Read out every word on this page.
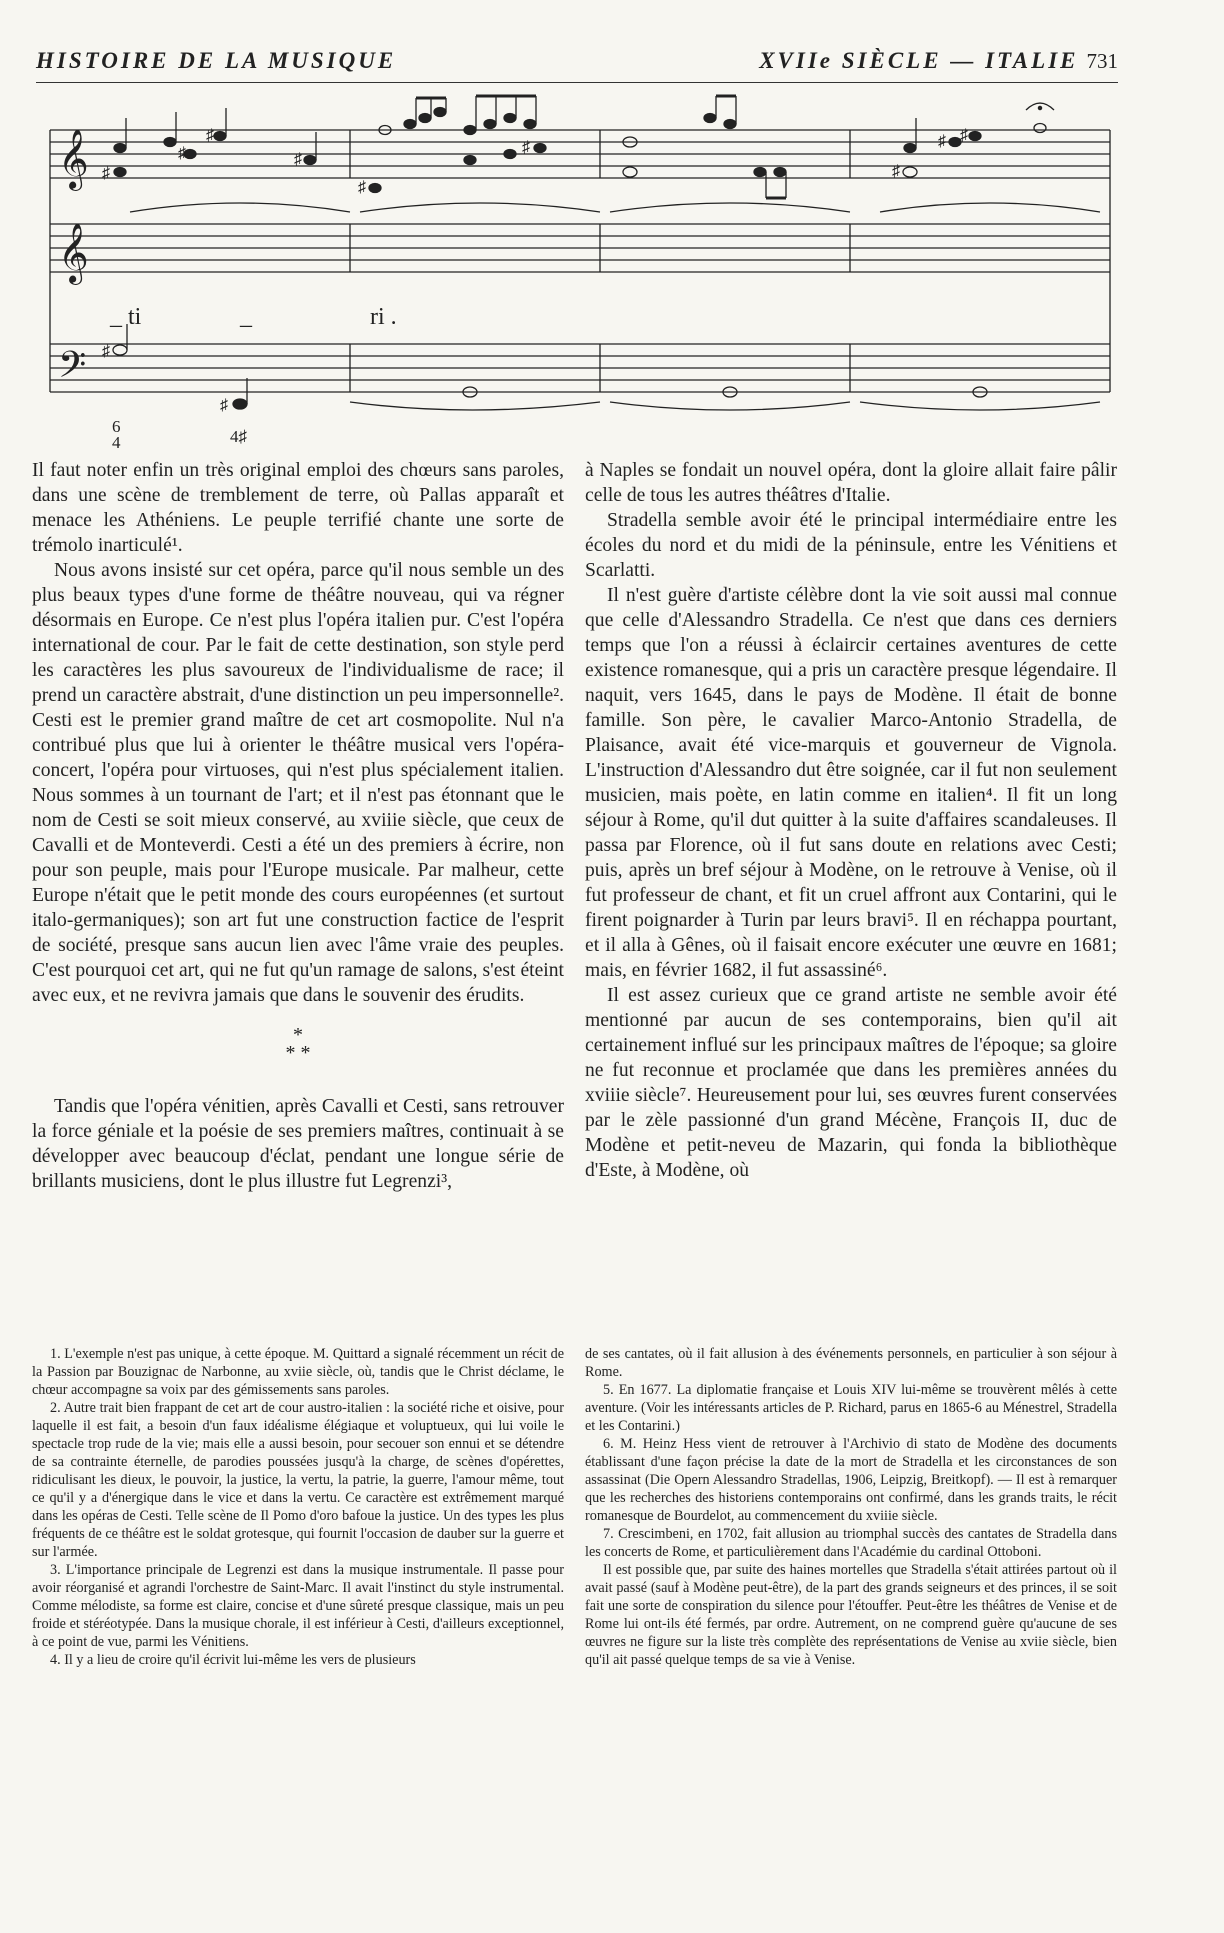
HISTOIRE DE LA MUSIQUE	XVIIe SIÈCLE — ITALIE 731
𝄞
𝄞
𝄢
♯
♯
♯
♯
♯
♯	♯ ♯
♯
♯
♯
_ ti	_	ri .
6
4	4♯

Il faut noter enfin un très original emploi des chœurs sans paroles, dans une scène de tremblement de terre, où Pallas apparaît et menace les Athéniens. Le peuple terrifié chante une sorte de trémolo inarticulé¹.

Nous avons insisté sur cet opéra, parce qu'il nous semble un des plus beaux types d'une forme de théâtre nouveau, qui va régner désormais en Europe. Ce n'est plus l'opéra italien pur. C'est l'opéra international de cour. Par le fait de cette destination, son style perd les caractères les plus savoureux de l'individualisme de race; il prend un caractère abstrait, d'une distinction un peu impersonnelle². Cesti est le premier grand maître de cet art cosmopolite. Nul n'a contribué plus que lui à orienter le théâtre musical vers l'opéra-concert, l'opéra pour virtuoses, qui n'est plus spécialement italien. Nous sommes à un tournant de l'art; et il n'est pas étonnant que le nom de Cesti se soit mieux conservé, au xviiie siècle, que ceux de Cavalli et de Monteverdi. Cesti a été un des premiers à écrire, non pour son peuple, mais pour l'Europe musicale. Par malheur, cette Europe n'était que le petit monde des cours européennes (et surtout italo-germaniques); son art fut une construction factice de l'esprit de société, presque sans aucun lien avec l'âme vraie des peuples. C'est pourquoi cet art, qui ne fut qu'un ramage de salons, s'est éteint avec eux, et ne revivra jamais que dans le souvenir des érudits.

*
* *

Tandis que l'opéra vénitien, après Cavalli et Cesti, sans retrouver la force géniale et la poésie de ses premiers maîtres, continuait à se développer avec beaucoup d'éclat, pendant une longue série de brillants musiciens, dont le plus illustre fut Legrenzi³,

à Naples se fondait un nouvel opéra, dont la gloire allait faire pâlir celle de tous les autres théâtres d'Italie.

Stradella semble avoir été le principal intermédiaire entre les écoles du nord et du midi de la péninsule, entre les Vénitiens et Scarlatti.

Il n'est guère d'artiste célèbre dont la vie soit aussi mal connue que celle d'Alessandro Stradella. Ce n'est que dans ces derniers temps que l'on a réussi à éclaircir certaines aventures de cette existence romanesque, qui a pris un caractère presque légendaire. Il naquit, vers 1645, dans le pays de Modène. Il était de bonne famille. Son père, le cavalier Marco-Antonio Stradella, de Plaisance, avait été vice-marquis et gouverneur de Vignola. L'instruction d'Alessandro dut être soignée, car il fut non seulement musicien, mais poète, en latin comme en italien⁴. Il fit un long séjour à Rome, qu'il dut quitter à la suite d'affaires scandaleuses. Il passa par Florence, où il fut sans doute en relations avec Cesti; puis, après un bref séjour à Modène, on le retrouve à Venise, où il fut professeur de chant, et fit un cruel affront aux Contarini, qui le firent poignarder à Turin par leurs bravi⁵. Il en réchappa pourtant, et il alla à Gênes, où il faisait encore exécuter une œuvre en 1681; mais, en février 1682, il fut assassiné⁶.

Il est assez curieux que ce grand artiste ne semble avoir été mentionné par aucun de ses contemporains, bien qu'il ait certainement influé sur les principaux maîtres de l'époque; sa gloire ne fut reconnue et proclamée que dans les premières années du xviiie siècle⁷. Heureusement pour lui, ses œuvres furent conservées par le zèle passionné d'un grand Mécène, François II, duc de Modène et petit-neveu de Mazarin, qui fonda la bibliothèque d'Este, à Modène, où

1. L'exemple n'est pas unique, à cette époque. M. Quittard a signalé récemment un récit de la Passion par Bouzignac de Narbonne, au xviie siècle, où, tandis que le Christ déclame, le chœur accompagne sa voix par des gémissements sans paroles.

2. Autre trait bien frappant de cet art de cour austro-italien : la société riche et oisive, pour laquelle il est fait, a besoin d'un faux idéalisme élégiaque et voluptueux, qui lui voile le spectacle trop rude de la vie; mais elle a aussi besoin, pour secouer son ennui et se détendre de sa contrainte éternelle, de parodies poussées jusqu'à la charge, de scènes d'opérettes, ridiculisant les dieux, le pouvoir, la justice, la vertu, la patrie, la guerre, l'amour même, tout ce qu'il y a d'énergique dans le vice et dans la vertu. Ce caractère est extrêmement marqué dans les opéras de Cesti. Telle scène de Il Pomo d'oro bafoue la justice. Un des types les plus fréquents de ce théâtre est le soldat grotesque, qui fournit l'occasion de dauber sur la guerre et sur l'armée.

3. L'importance principale de Legrenzi est dans la musique instrumentale. Il passe pour avoir réorganisé et agrandi l'orchestre de Saint-Marc. Il avait l'instinct du style instrumental. Comme mélodiste, sa forme est claire, concise et d'une sûreté presque classique, mais un peu froide et stéréotypée. Dans la musique chorale, il est inférieur à Cesti, d'ailleurs exceptionnel, à ce point de vue, parmi les Vénitiens.

4. Il y a lieu de croire qu'il écrivit lui-même les vers de plusieurs

de ses cantates, où il fait allusion à des événements personnels, en particulier à son séjour à Rome.

5. En 1677. La diplomatie française et Louis XIV lui-même se trouvèrent mêlés à cette aventure. (Voir les intéressants articles de P. Richard, parus en 1865-6 au Ménestrel, Stradella et les Contarini.)

6. M. Heinz Hess vient de retrouver à l'Archivio di stato de Modène des documents établissant d'une façon précise la date de la mort de Stradella et les circonstances de son assassinat (Die Opern Alessandro Stradellas, 1906, Leipzig, Breitkopf). — Il est à remarquer que les recherches des historiens contemporains ont confirmé, dans les grands traits, le récit romanesque de Bourdelot, au commencement du xviiie siècle.

7. Crescimbeni, en 1702, fait allusion au triomphal succès des cantates de Stradella dans les concerts de Rome, et particulièrement dans l'Académie du cardinal Ottoboni.

Il est possible que, par suite des haines mortelles que Stradella s'était attirées partout où il avait passé (sauf à Modène peut-être), de la part des grands seigneurs et des princes, il se soit fait une sorte de conspiration du silence pour l'étouffer. Peut-être les théâtres de Venise et de Rome lui ont-ils été fermés, par ordre. Autrement, on ne comprend guère qu'aucune de ses œuvres ne figure sur la liste très complète des représentations de Venise au xviie siècle, bien qu'il ait passé quelque temps de sa vie à Venise.
